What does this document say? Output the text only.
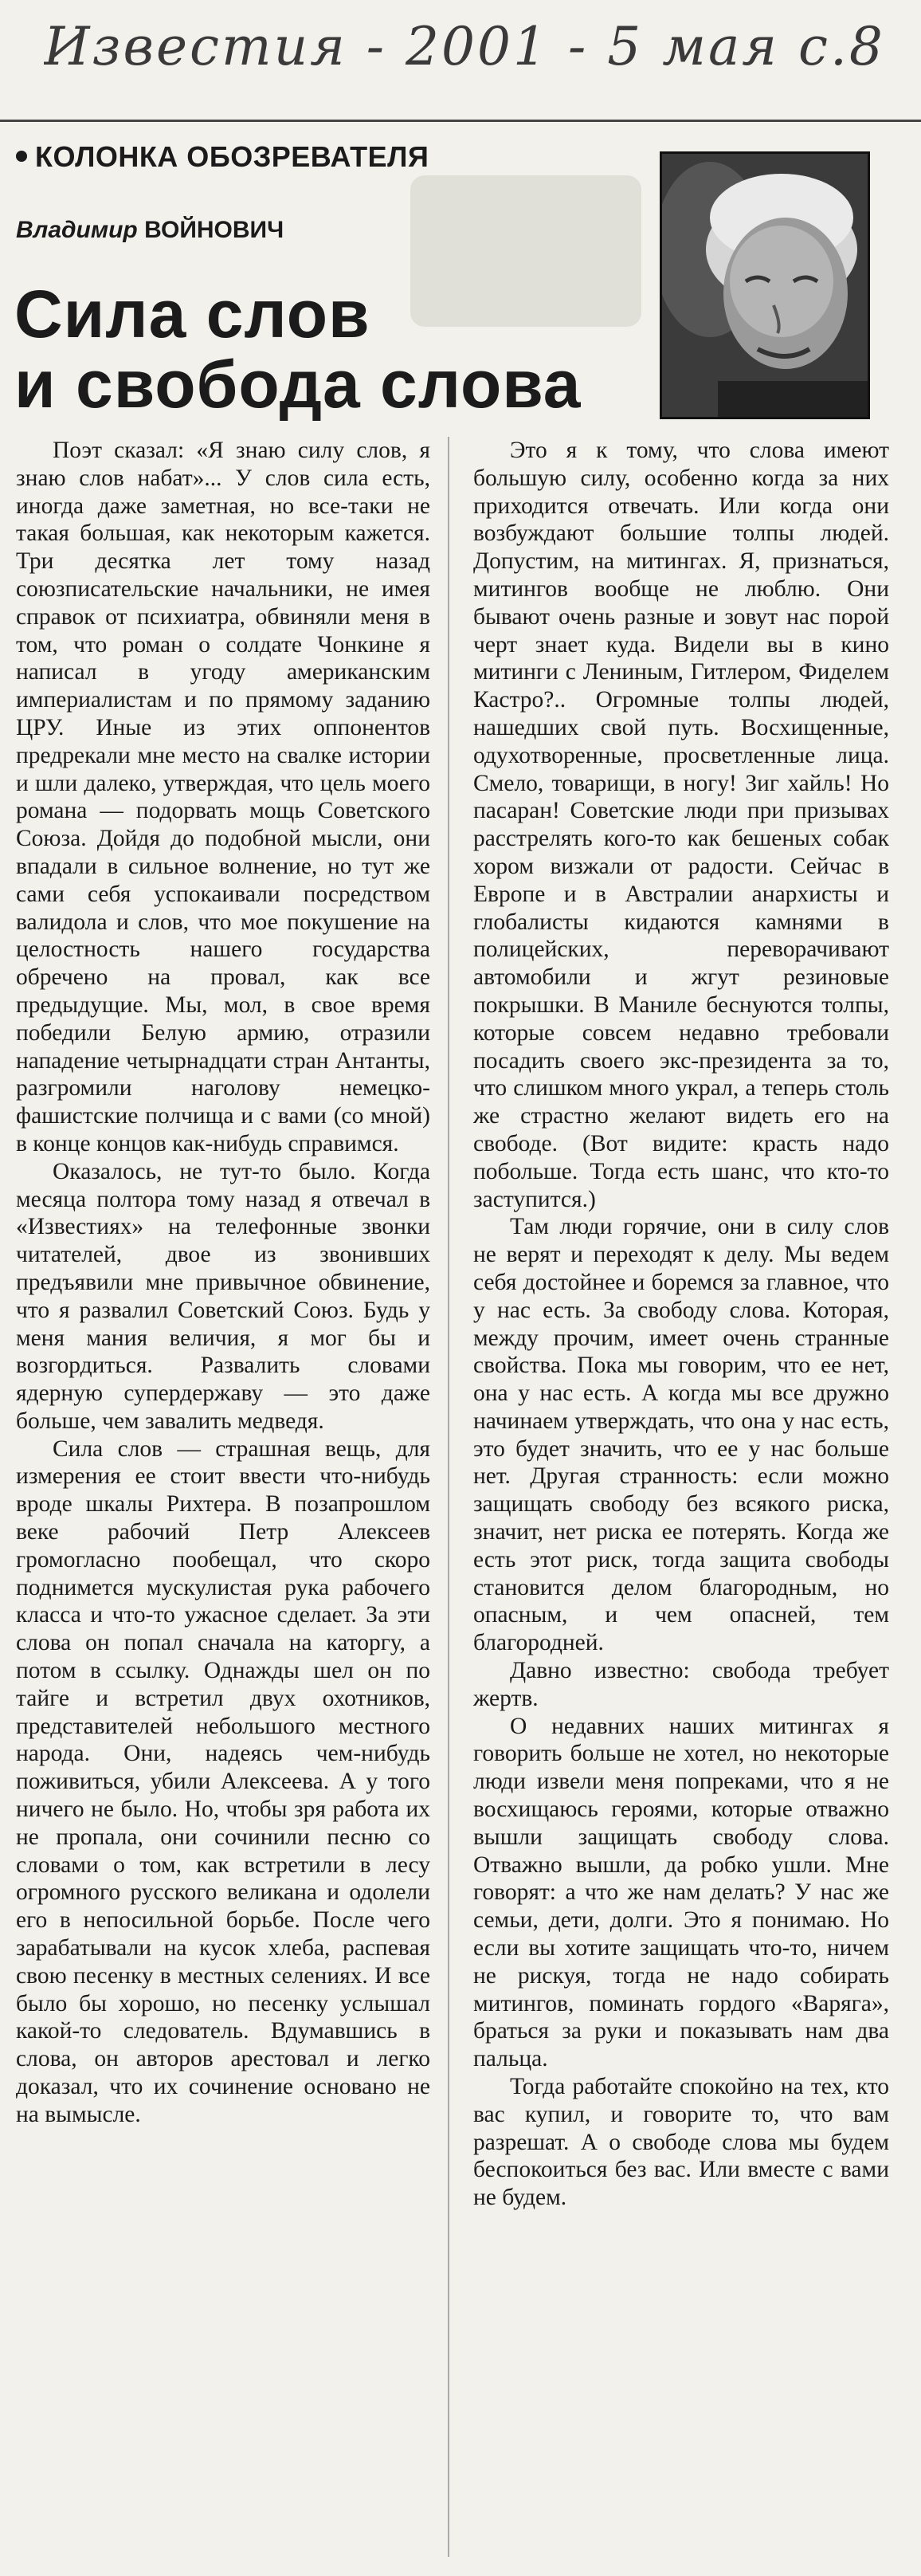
Известия - 2001 - 5 мая с.8
КОЛОНКА ОБОЗРЕВАТЕЛЯ
Владимир ВОЙНОВИЧ
Сила слов
и свобода слова

Поэт сказал: «Я знаю силу слов, я знаю слов набат»... У слов сила есть, иногда даже заметная, но все-таки не такая большая, как некоторым кажется. Три десятка лет тому назад союзписательские начальники, не имея справок от психиатра, обвиняли меня в том, что роман о солдате Чонкине я написал в угоду американским империалистам и по прямому заданию ЦРУ. Иные из этих оппонентов предрекали мне место на свалке истории и шли далеко, утверждая, что цель моего романа — подорвать мощь Советского Союза. Дойдя до подобной мысли, они впадали в сильное волнение, но тут же сами себя успокаивали посредством валидола и слов, что мое покушение на целостность нашего государства обречено на провал, как все предыдущие. Мы, мол, в свое время победили Белую армию, отразили нападение четырнадцати стран Антанты, разгромили наголову немецко-фашистские полчища и с вами (со мной) в конце концов как-нибудь справимся.

Оказалось, не тут-то было. Когда месяца полтора тому назад я отвечал в «Известиях» на телефонные звонки читателей, двое из звонивших предъявили мне привычное обвинение, что я развалил Советский Союз. Будь у меня мания величия, я мог бы и возгордиться. Развалить словами ядерную супердержаву — это даже больше, чем завалить медведя.

Сила слов — страшная вещь, для измерения ее стоит ввести что-нибудь вроде шкалы Рихтера. В позапрошлом веке рабочий Петр Алексеев громогласно пообещал, что скоро поднимется мускулистая рука рабочего класса и что-то ужасное сделает. За эти слова он попал сначала на каторгу, а потом в ссылку. Однажды шел он по тайге и встретил двух охотников, представителей небольшого местного народа. Они, надеясь чем-нибудь поживиться, убили Алексеева. А у того ничего не было. Но, чтобы зря работа их не пропала, они сочинили песню со словами о том, как встретили в лесу огромного русского великана и одолели его в непосильной борьбе. После чего зарабатывали на кусок хлеба, распевая свою песенку в местных селениях. И все было бы хорошо, но песенку услышал какой-то следователь. Вдумавшись в слова, он авторов арестовал и легко доказал, что их сочинение основано не на вымысле.

Это я к тому, что слова имеют большую силу, особенно когда за них приходится отвечать. Или когда они возбуждают большие толпы людей. Допустим, на митингах. Я, признаться, митингов вообще не люблю. Они бывают очень разные и зовут нас порой черт знает куда. Видели вы в кино митинги с Лениным, Гитлером, Фиделем Кастро?.. Огромные толпы людей, нашедших свой путь. Восхищенные, одухотворенные, просветленные лица. Смело, товарищи, в ногу! Зиг хайль! Но пасаран! Советские люди при призывах расстрелять кого-то как бешеных собак хором визжали от радости. Сейчас в Европе и в Австралии анархисты и глобалисты кидаются камнями в полицейских, переворачивают автомобили и жгут резиновые покрышки. В Маниле беснуются толпы, которые совсем недавно требовали посадить своего экс-президента за то, что слишком много украл, а теперь столь же страстно желают видеть его на свободе. (Вот видите: красть надо побольше. Тогда есть шанс, что кто-то заступится.)

Там люди горячие, они в силу слов не верят и переходят к делу. Мы ведем себя достойнее и боремся за главное, что у нас есть. За свободу слова. Которая, между прочим, имеет очень странные свойства. Пока мы говорим, что ее нет, она у нас есть. А когда мы все дружно начинаем утверждать, что она у нас есть, это будет значить, что ее у нас больше нет. Другая странность: если можно защищать свободу без всякого риска, значит, нет риска ее потерять. Когда же есть этот риск, тогда защита свободы становится делом благородным, но опасным, и чем опасней, тем благородней.

Давно известно: свобода требует жертв.

О недавних наших митингах я говорить больше не хотел, но некоторые люди извели меня попреками, что я не восхищаюсь героями, которые отважно вышли защищать свободу слова. Отважно вышли, да робко ушли. Мне говорят: а что же нам делать? У нас же семьи, дети, долги. Это я понимаю. Но если вы хотите защищать что-то, ничем не рискуя, тогда не надо собирать митингов, поминать гордого «Варяга», браться за руки и показывать нам два пальца.

Тогда работайте спокойно на тех, кто вас купил, и говорите то, что вам разрешат. А о свободе слова мы будем беспокоиться без вас. Или вместе с вами не будем.
